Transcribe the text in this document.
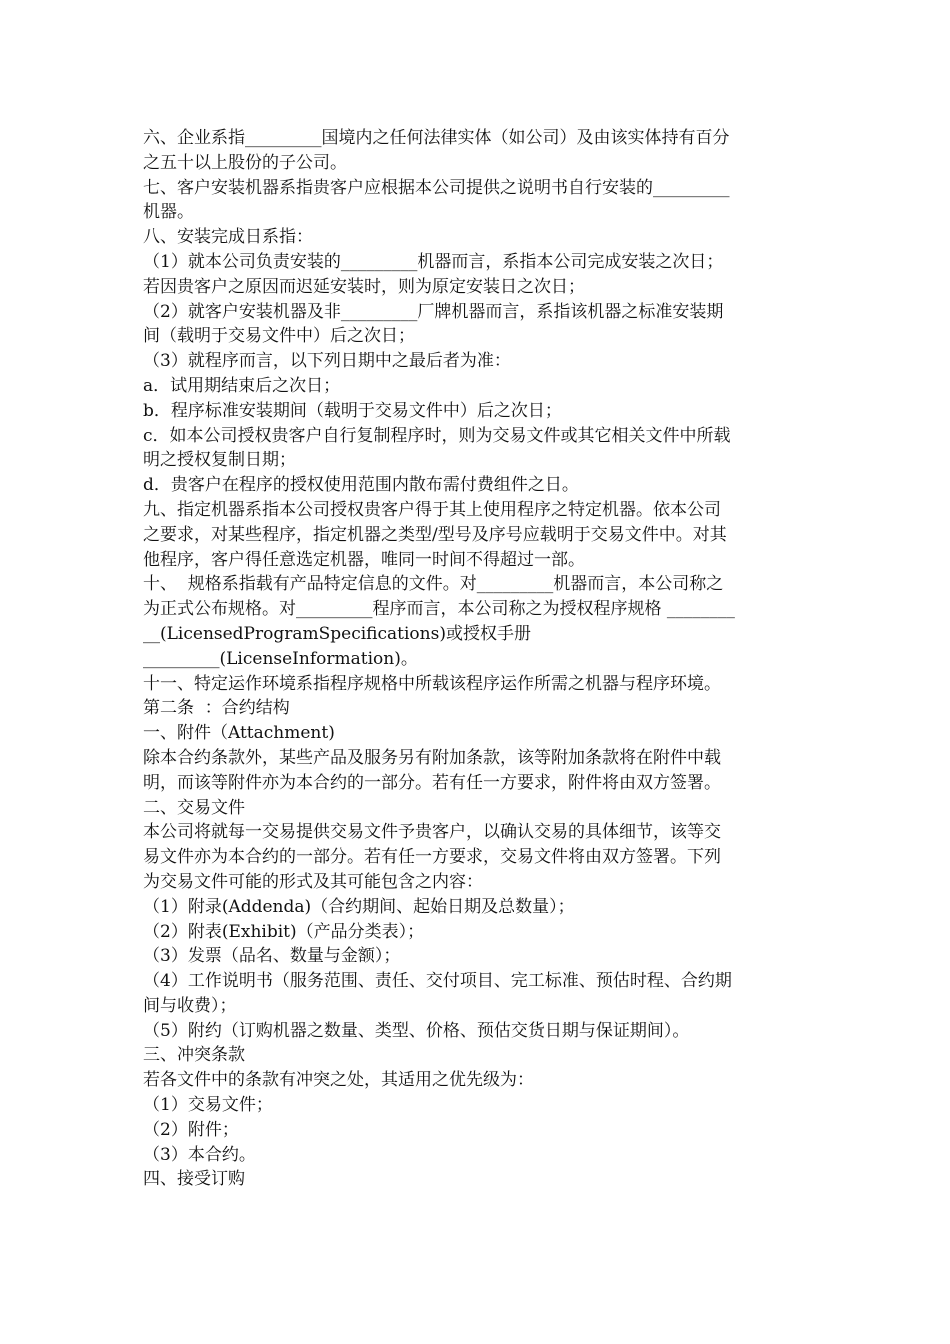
六、企业系指_________国境内之任何法律实体（如公司）及由该实体持有百分
之五十以上股份的子公司。
七、客户安装机器系指贵客户应根据本公司提供之说明书自行安装的_________
机器。
八、安装完成日系指：
（1）就本公司负责安装的_________机器而言，系指本公司完成安装之次日；
若因贵客户之原因而迟延安装时，则为原定安装日之次日；
（2）就客户安装机器及非_________厂牌机器而言，系指该机器之标准安装期
间（载明于交易文件中）后之次日；
（3）就程序而言，以下列日期中之最后者为准：
a．试用期结束后之次日；
b．程序标准安装期间（载明于交易文件中）后之次日；
c．如本公司授权贵客户自行复制程序时，则为交易文件或其它相关文件中所载
明之授权复制日期；
d．贵客户在程序的授权使用范围内散布需付费组件之日。
九、指定机器系指本公司授权贵客户得于其上使用程序之特定机器。依本公司
之要求，对某些程序，指定机器之类型/型号及序号应载明于交易文件中。对其
他程序，客户得任意选定机器，唯同一时间不得超过一部。
十、  规格系指载有产品特定信息的文件。对_________机器而言，本公司称之
为正式公布规格。对_________程序而言，本公司称之为授权程序规格 ________
__(LicensedProgramSpecifications)或授权手册
_________(LicenseInformation)。
十一、特定运作环境系指程序规格中所载该程序运作所需之机器与程序环境。
第二条  ：合约结构
一、附件（Attachment)
除本合约条款外，某些产品及服务另有附加条款，该等附加条款将在附件中载
明，而该等附件亦为本合约的一部分。若有任一方要求，附件将由双方签署。
二、交易文件
本公司将就每一交易提供交易文件予贵客户，以确认交易的具体细节，该等交
易文件亦为本合约的一部分。若有任一方要求，交易文件将由双方签署。下列
为交易文件可能的形式及其可能包含之内容：
（1）附录(Addenda)（合约期间、起始日期及总数量）；
（2）附表(Exhibit)（产品分类表）；
（3）发票（品名、数量与金额）；
（4）工作说明书（服务范围、责任、交付项目、完工标准、预估时程、合约期
间与收费）；
（5）附约（订购机器之数量、类型、价格、预估交货日期与保证期间）。
三、冲突条款
若各文件中的条款有冲突之处，其适用之优先级为：
（1）交易文件；
（2）附件；
（3）本合约。
四、接受订购
